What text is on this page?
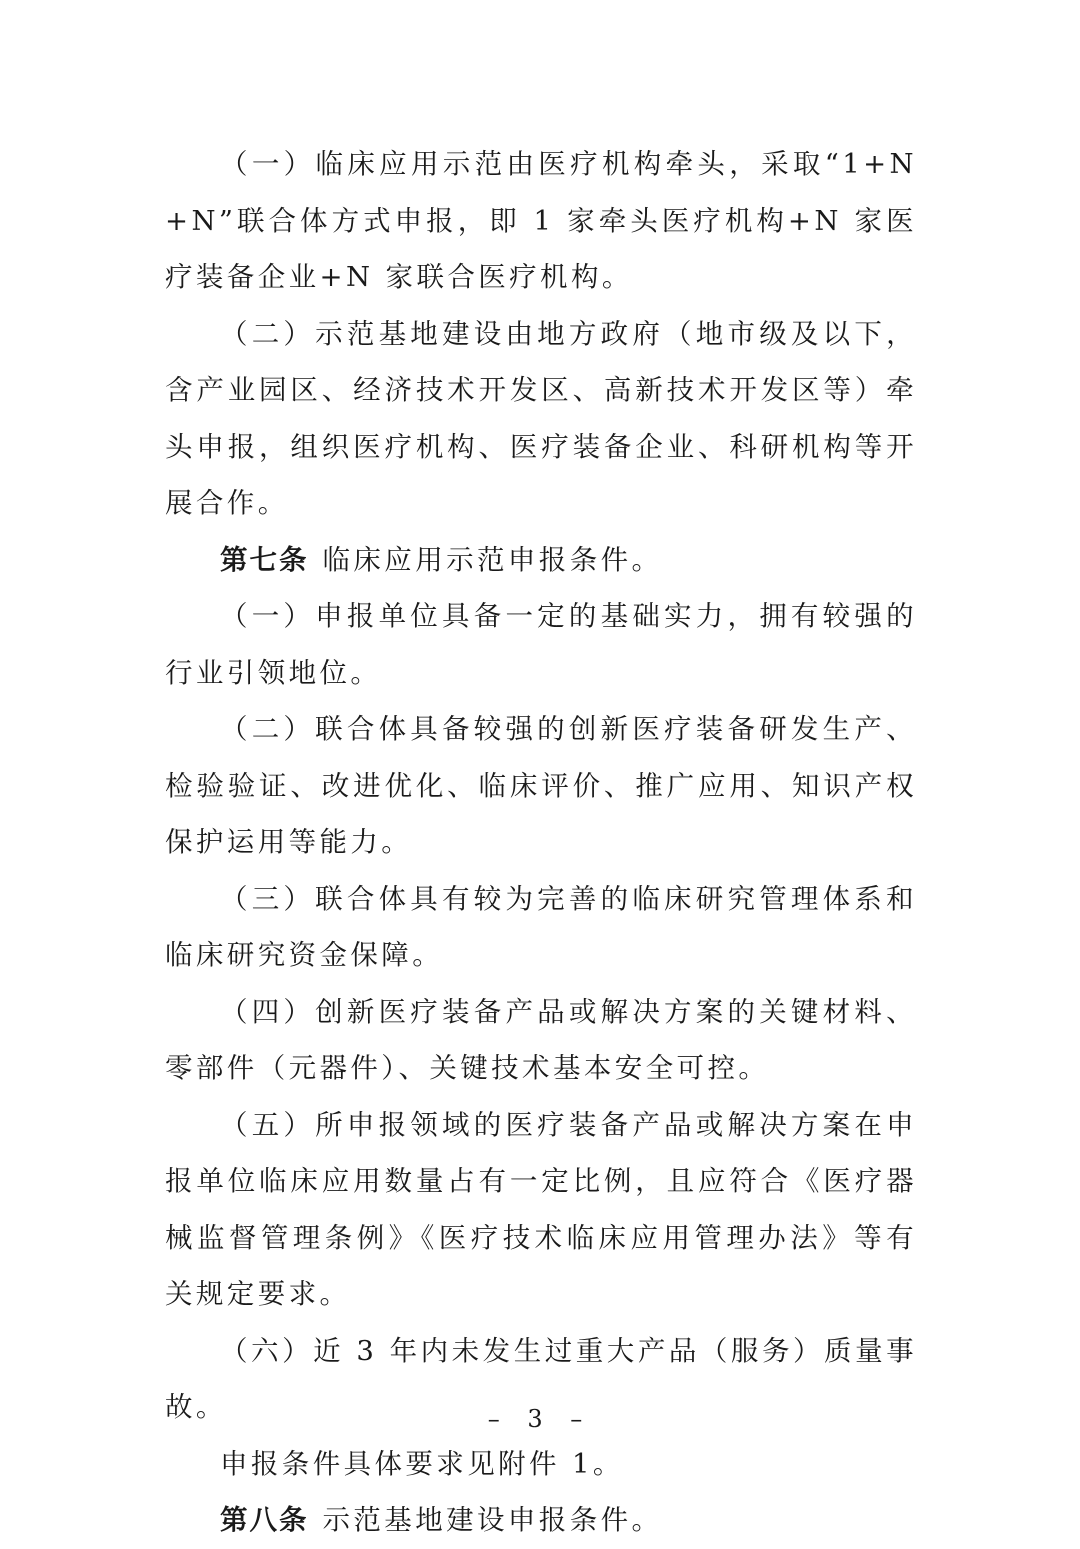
（一）临床应用示范由医疗机构牵头，采取“1+N+N”联合体方式申报，即 1 家牵头医疗机构+N 家医疗装备企业+N 家联合医疗机构。

（二）示范基地建设由地方政府（地市级及以下，含产业园区、经济技术开发区、高新技术开发区等）牵头申报，组织医疗机构、医疗装备企业、科研机构等开展合作。

第七条 临床应用示范申报条件。

（一）申报单位具备一定的基础实力，拥有较强的行业引领地位。

（二）联合体具备较强的创新医疗装备研发生产、检验验证、改进优化、临床评价、推广应用、知识产权保护运用等能力。

（三）联合体具有较为完善的临床研究管理体系和临床研究资金保障。

（四）创新医疗装备产品或解决方案的关键材料、零部件（元器件）、关键技术基本安全可控。

（五）所申报领域的医疗装备产品或解决方案在申报单位临床应用数量占有一定比例，且应符合《医疗器械监督管理条例》《医疗技术临床应用管理办法》等有关规定要求。

（六）近 3 年内未发生过重大产品（服务）质量事故。

申报条件具体要求见附件 1。

第八条 示范基地建设申报条件。

– 3 –
